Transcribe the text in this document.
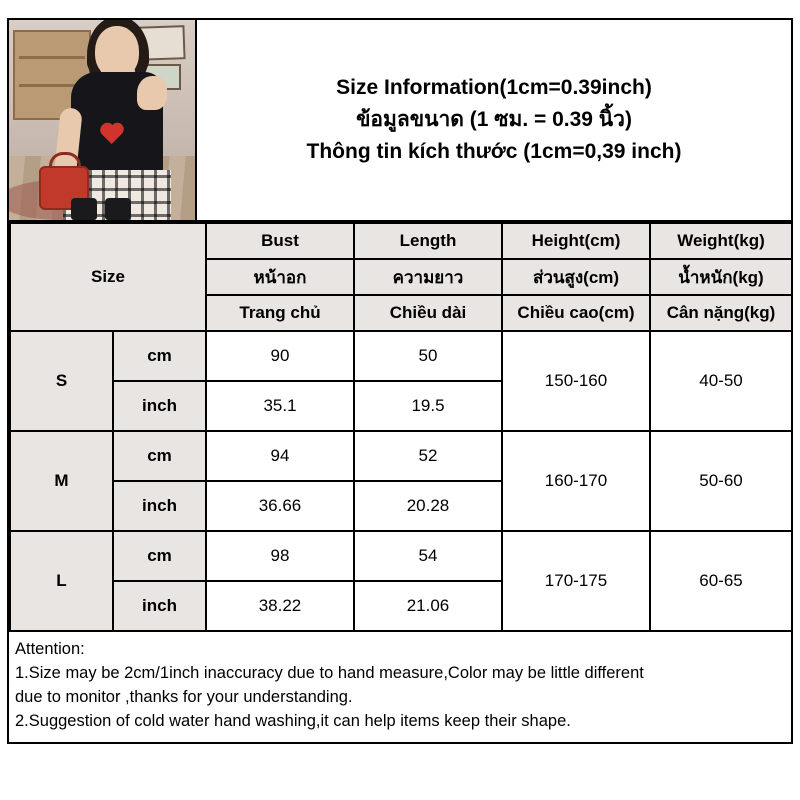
Size Information(1cm=0.39inch)
ข้อมูลขนาด (1 ซม. = 0.39 นิ้ว)
Thông tin kích thước (1cm=0,39 inch)
Size		Bust	Length	Height(cm)	Weight(kg)
		หน้าอก	ความยาว	ส่วนสูง(cm)	น้ำหนัก(kg)
		Trang chủ	Chiều dài	Chiều cao(cm)	Cân nặng(kg)
S	cm	90	50	150-160	40-50
	inch	35.1	19.5		
M	cm	94	52	160-170	50-60
	inch	36.66	20.28		
L	cm	98	54	170-175	60-65
	inch	38.22	21.06		
Attention:
1.Size may be 2cm/1inch inaccuracy due to hand measure,Color may be little different
due to monitor ,thanks for your understanding.
2.Suggestion of cold water hand washing,it can help items keep their shape.
